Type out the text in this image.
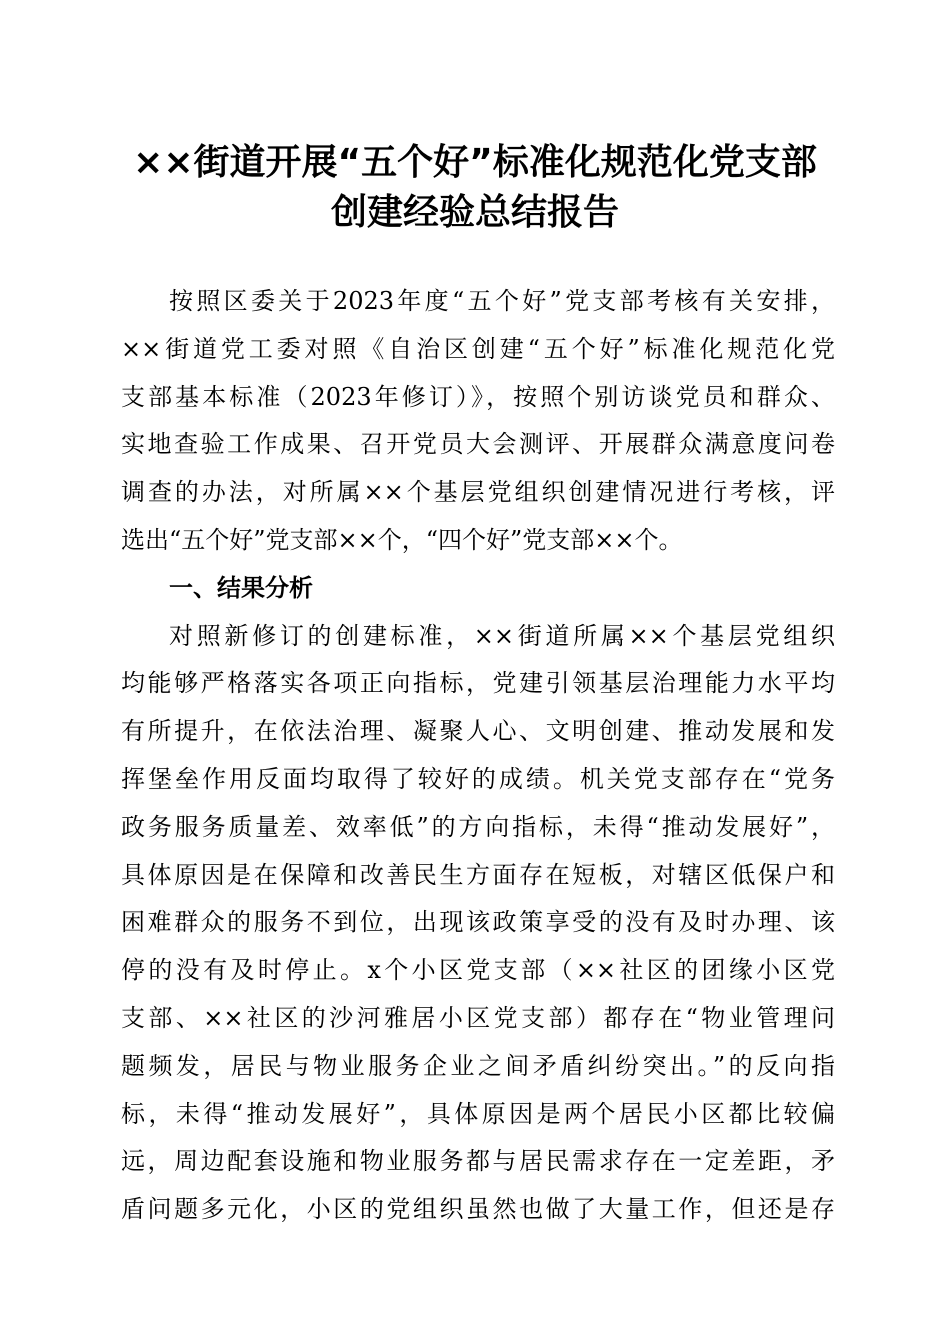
××街道开展“五个好”标准化规范化党支部
创建经验总结报告
按照区委关于2023年度“五个好”党支部考核有关安排，
××街道党工委对照《自治区创建“五个好”标准化规范化党
支部基本标准（2023年修订）》，按照个别访谈党员和群众、
实地查验工作成果、召开党员大会测评、开展群众满意度问卷
调查的办法，对所属××个基层党组织创建情况进行考核，评
选出“五个好”党支部××个，“四个好”党支部××个。
一、结果分析
对照新修订的创建标准，××街道所属××个基层党组织
均能够严格落实各项正向指标，党建引领基层治理能力水平均
有所提升，在依法治理、凝聚人心、文明创建、推动发展和发
挥堡垒作用反面均取得了较好的成绩。机关党支部存在“党务
政务服务质量差、效率低”的方向指标，未得“推动发展好”，
具体原因是在保障和改善民生方面存在短板，对辖区低保户和
困难群众的服务不到位，出现该政策享受的没有及时办理、该
停的没有及时停止。x个小区党支部（××社区的团缘小区党
支部、××社区的沙河雅居小区党支部）都存在“物业管理问
题频发，居民与物业服务企业之间矛盾纠纷突出。”的反向指
标，未得“推动发展好”，具体原因是两个居民小区都比较偏
远，周边配套设施和物业服务都与居民需求存在一定差距，矛
盾问题多元化，小区的党组织虽然也做了大量工作，但还是存
